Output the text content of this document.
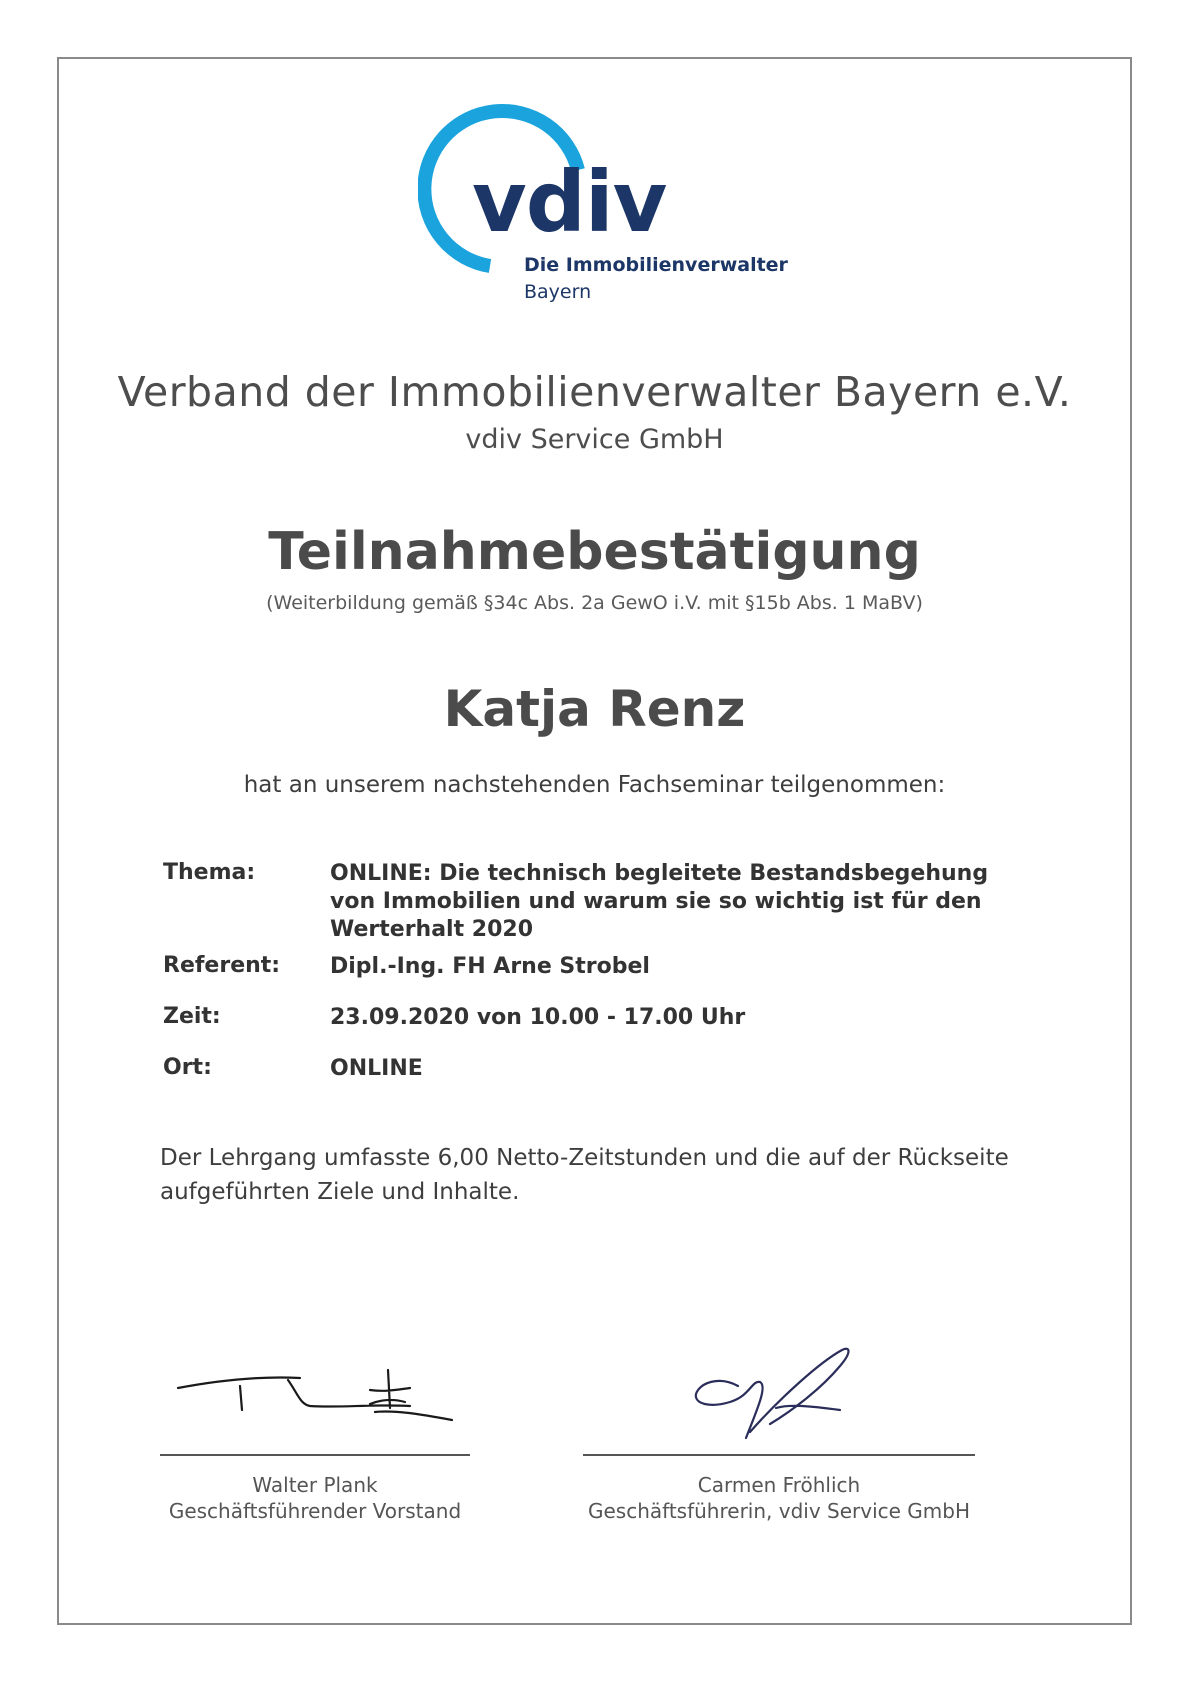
vdiv
Die Immobilienverwalter
Bayern
Verband der Immobilienverwalter Bayern e.V.
vdiv Service GmbH
Teilnahmebestätigung
(Weiterbildung gemäß §34c Abs. 2a GewO i.V. mit §15b Abs. 1 MaBV)
Katja Renz
hat an unserem nachstehenden Fachseminar teilgenommen:
Thema:	ONLINE: Die technisch begleitete Bestandsbegehung von Immobilien und warum sie so wichtig ist für den Werterhalt 2020
Referent: Dipl.-Ing. FH Arne Strobel
Zeit:	23.09.2020 von 10.00 - 17.00 Uhr
Ort:	ONLINE
Der Lehrgang umfasste 6,00 Netto-Zeitstunden und die auf der Rückseite aufgeführten Ziele und Inhalte.
Walter Plank
Geschäftsführender Vorstand
Carmen Fröhlich
Geschäftsführerin, vdiv Service GmbH
